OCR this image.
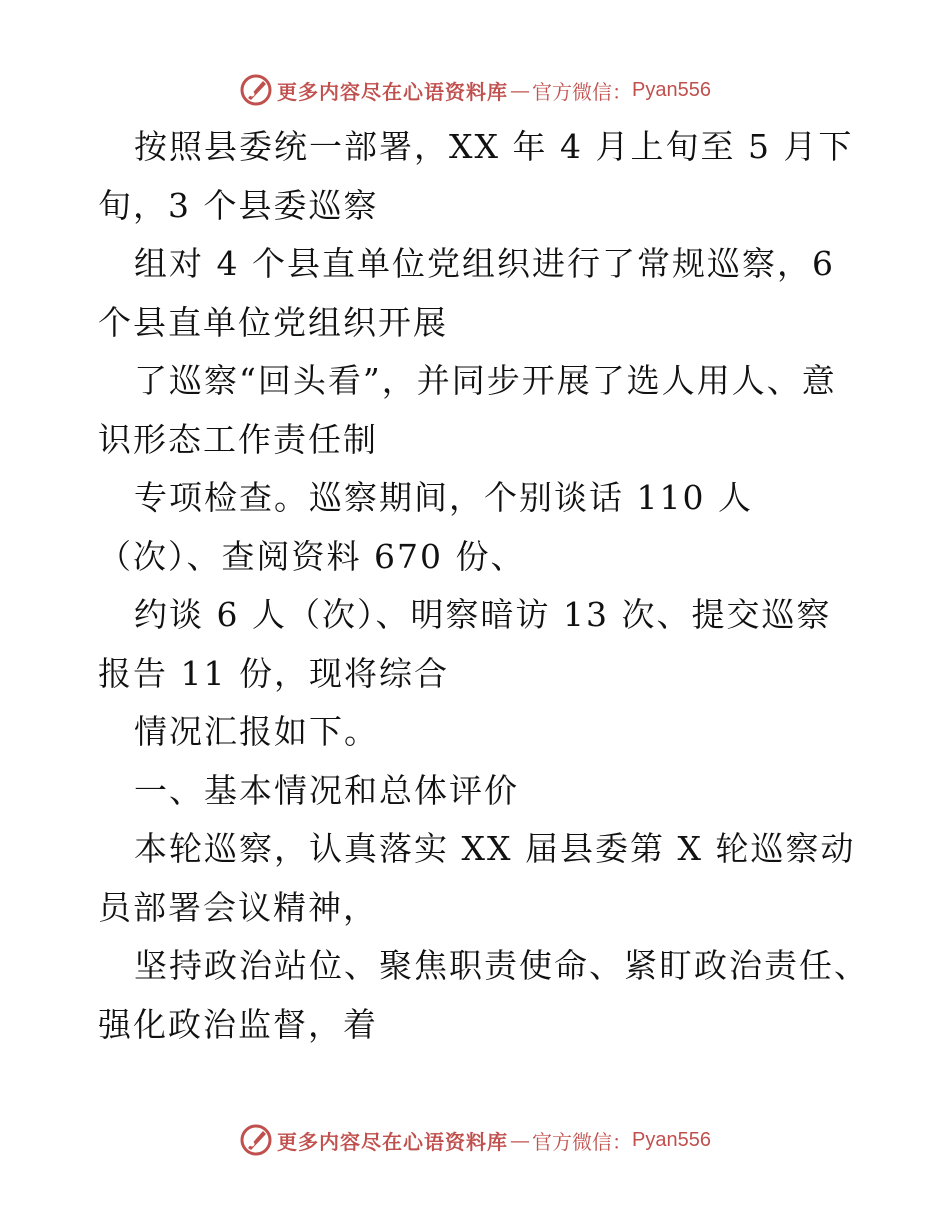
更多内容尽在心语资料库 — 官方微信： Pyan556
按照县委统一部署，XX 年 4 月上旬至 5 月下
旬，3 个县委巡察
组对 4 个县直单位党组织进行了常规巡察，6
个县直单位党组织开展
了巡察“回头看”，并同步开展了选人用人、意
识形态工作责任制
专项检查。巡察期间，个别谈话 110 人
（次）、查阅资料 670 份、
约谈 6 人（次）、明察暗访 13 次、提交巡察
报告 11 份，现将综合
情况汇报如下。
一、基本情况和总体评价
本轮巡察，认真落实 XX 届县委第 X 轮巡察动
员部署会议精神，
坚持政治站位、聚焦职责使命、紧盯政治责任、
强化政治监督，着
更多内容尽在心语资料库 — 官方微信： Pyan556
